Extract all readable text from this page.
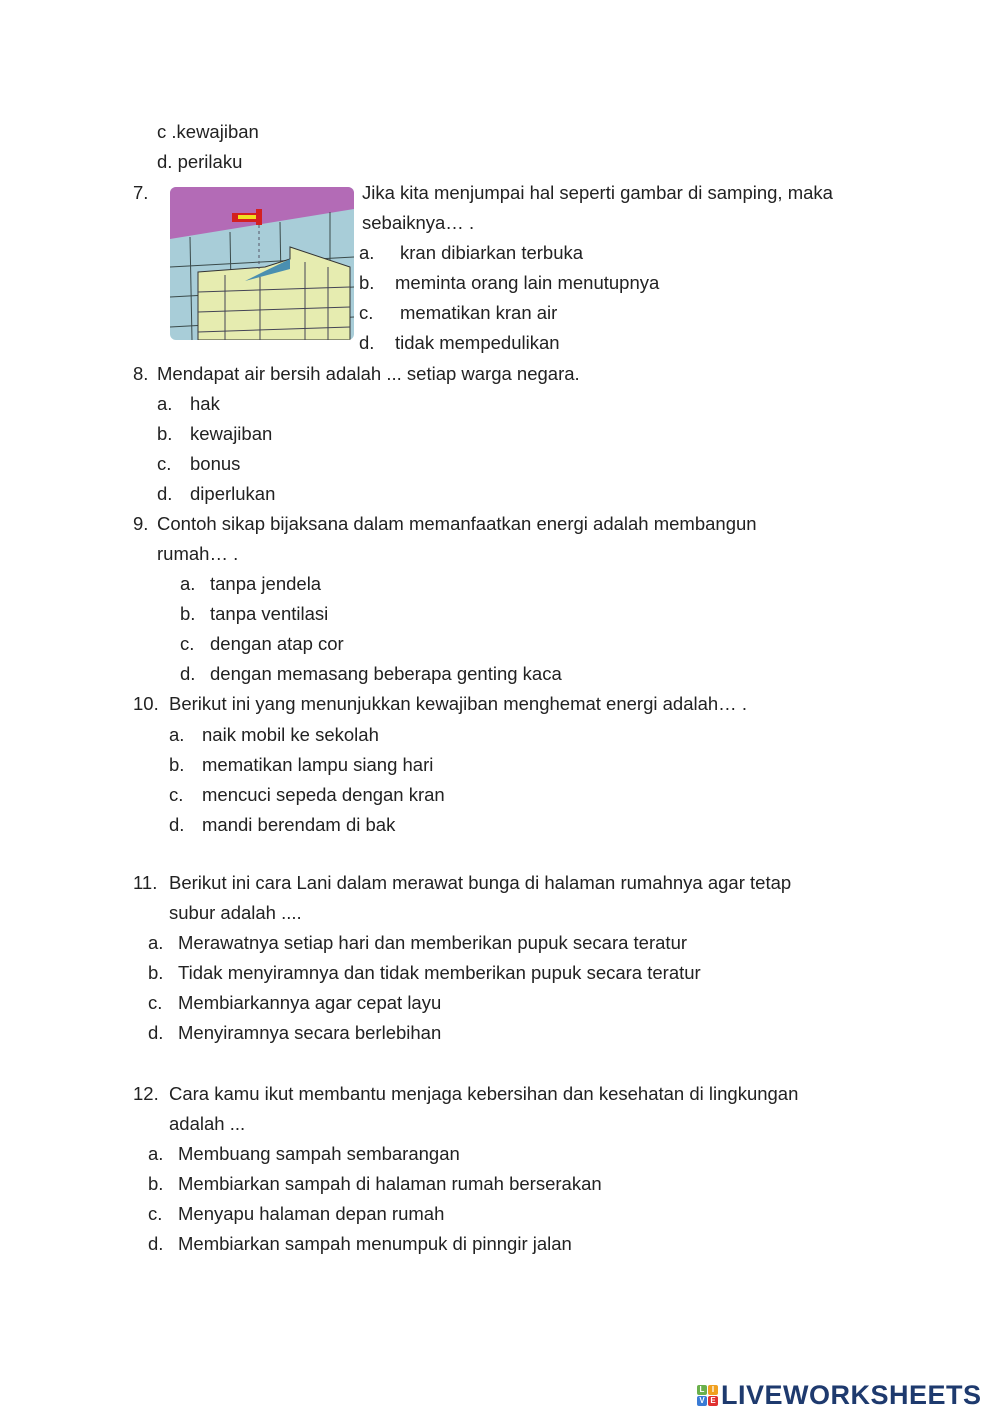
c .kewajiban
d. perilaku
7.	Jika kita menjumpai hal seperti gambar di samping, maka
sebaiknya… .
a. kran dibiarkan terbuka
b. meminta orang lain menutupnya
c. mematikan kran air
d. tidak mempedulikan
8. Mendapat air bersih adalah ... setiap warga negara.
a. hak
b. kewajiban
c. bonus
d. diperlukan
9. Contoh sikap bijaksana dalam memanfaatkan energi adalah membangun
rumah… .
a. tanpa jendela
b. tanpa ventilasi
c. dengan atap cor
d. dengan memasang beberapa genting kaca
10. Berikut ini yang menunjukkan kewajiban menghemat energi adalah… .
a. naik mobil ke sekolah
b. mematikan lampu siang hari
c. mencuci sepeda dengan kran
d. mandi berendam di bak
11. Berikut ini cara Lani dalam merawat bunga di halaman rumahnya agar tetap
subur adalah ....
a. Merawatnya setiap hari dan memberikan pupuk secara teratur
b. Tidak menyiramnya dan tidak memberikan pupuk secara teratur
c. Membiarkannya agar cepat layu
d. Menyiramnya secara berlebihan
12. Cara kamu ikut membantu menjaga kebersihan dan kesehatan di lingkungan
adalah ...
a. Membuang sampah sembarangan
b. Membiarkan sampah di halaman rumah berserakan
c. Menyapu halaman depan rumah
d. Membiarkan sampah menumpuk di pinngir jalan
L I
V E LIVEWORKSHEETS
